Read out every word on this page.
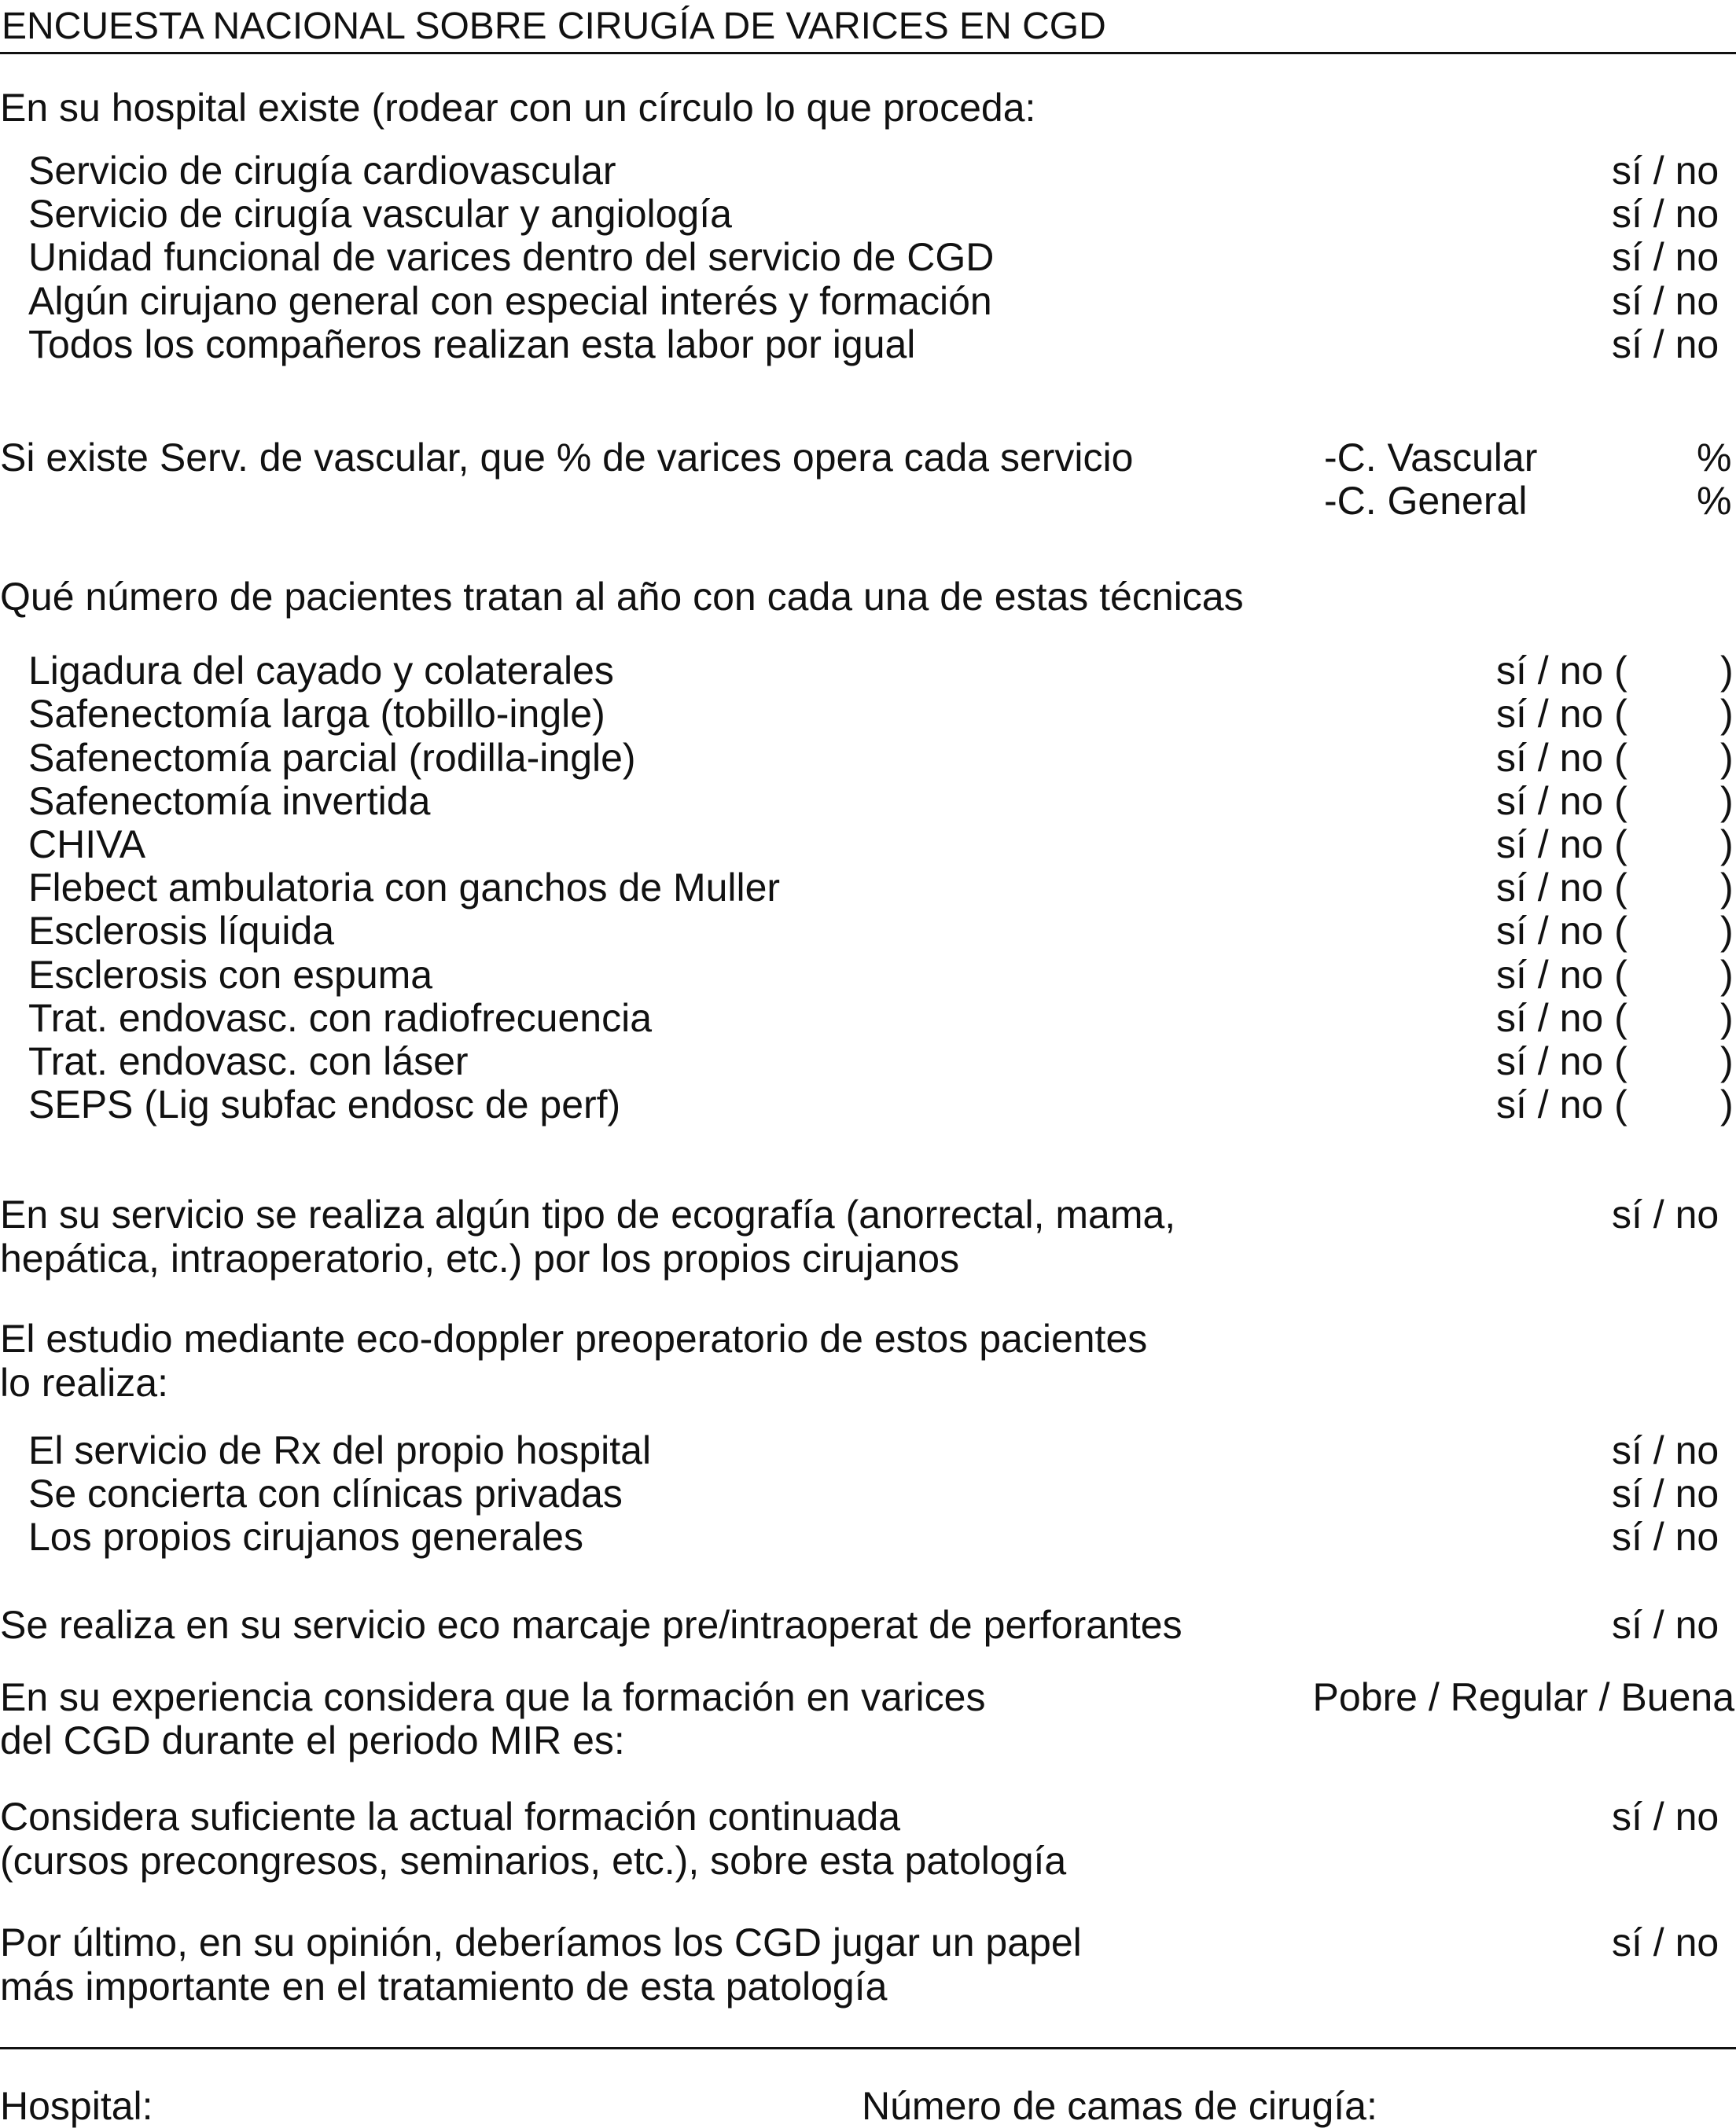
ENCUESTA NACIONAL SOBRE CIRUGÍA DE VARICES EN CGD
En su hospital existe (rodear con un círculo lo que proceda:
Servicio de cirugía cardiovascular	sí / no
Servicio de cirugía vascular y angiología	sí / no
Unidad funcional de varices dentro del servicio de CGD	sí / no
Algún cirujano general con especial interés y formación	sí / no
Todos los compañeros realizan esta labor por igual	sí / no
Si existe Serv. de vascular, que % de varices opera cada servicio	-C. Vascular	%
-C. General	%
Qué número de pacientes tratan al año con cada una de estas técnicas
Ligadura del cayado y colaterales	sí / no ( )
Safenectomía larga (tobillo-ingle)	sí / no ( )
Safenectomía parcial (rodilla-ingle)	sí / no ( )
Safenectomía invertida	sí / no ( )
CHIVA	sí / no ( )
Flebect ambulatoria con ganchos de Muller	sí / no ( )
Esclerosis líquida	sí / no ( )
Esclerosis con espuma	sí / no ( )
Trat. endovasc. con radiofrecuencia	sí / no ( )
Trat. endovasc. con láser	sí / no ( )
SEPS (Lig subfac endosc de perf)	sí / no ( )
En su servicio se realiza algún tipo de ecografía (anorrectal, mama,
hepática, intraoperatorio, etc.) por los propios cirujanos
sí / no
El estudio mediante eco-doppler preoperatorio de estos pacientes
lo realiza:
El servicio de Rx del propio hospital	sí / no
Se concierta con clínicas privadas	sí / no
Los propios cirujanos generales	sí / no
Se realiza en su servicio eco marcaje pre/intraoperat de perforantes	sí / no
En su experiencia considera que la formación en varices
del CGD durante el periodo MIR es:
Pobre / Regular / Buena
Considera suficiente la actual formación continuada
(cursos precongresos, seminarios, etc.), sobre esta patología
sí / no
Por último, en su opinión, deberíamos los CGD jugar un papel
más importante en el tratamiento de esta patología
sí / no
Hospital:	Número de camas de cirugía:
